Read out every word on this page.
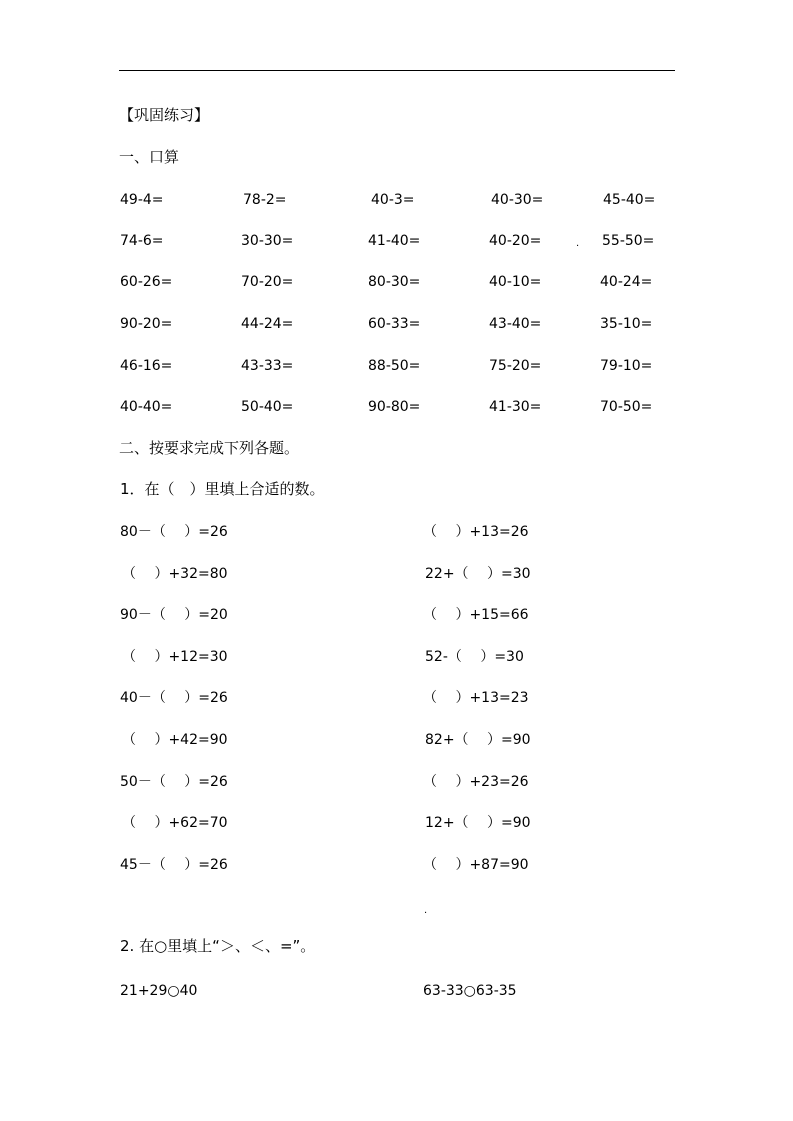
【巩固练习】
一、口算
49-4=	78-2=	40-3=	40-30=	45-40=
74-6=	30-30=	41-40=	40-20=	. 55-50=
60-26=	70-20=	80-30=	40-10=	40-24=
90-20=	44-24=	60-33=	43-40=	35-10=
46-16=	43-33=	88-50=	75-20=	79-10=
40-40=	50-40=	90-80=	41-30=	70-50=
二、按要求完成下列各题。
1．在（　）里填上合适的数。
80－（　 ）=26	（　 ）+13=26
（　 ）+32=80	22+（　 ）=30
90－（　 ）=20	（　 ）+15=66
（　 ）+12=30	52-（　 ）=30
40－（　 ）=26	（　 ）+13=23
（　 ）+42=90	82+（　 ）=90
50－（　 ）=26	（　 ）+23=26
（　 ）+62=70	12+（　 ）=90
45－（　 ）=26	（　 ）+87=90
.
2. 在○里填上“＞、＜、=”。
21+29○40	63-33○63-35
